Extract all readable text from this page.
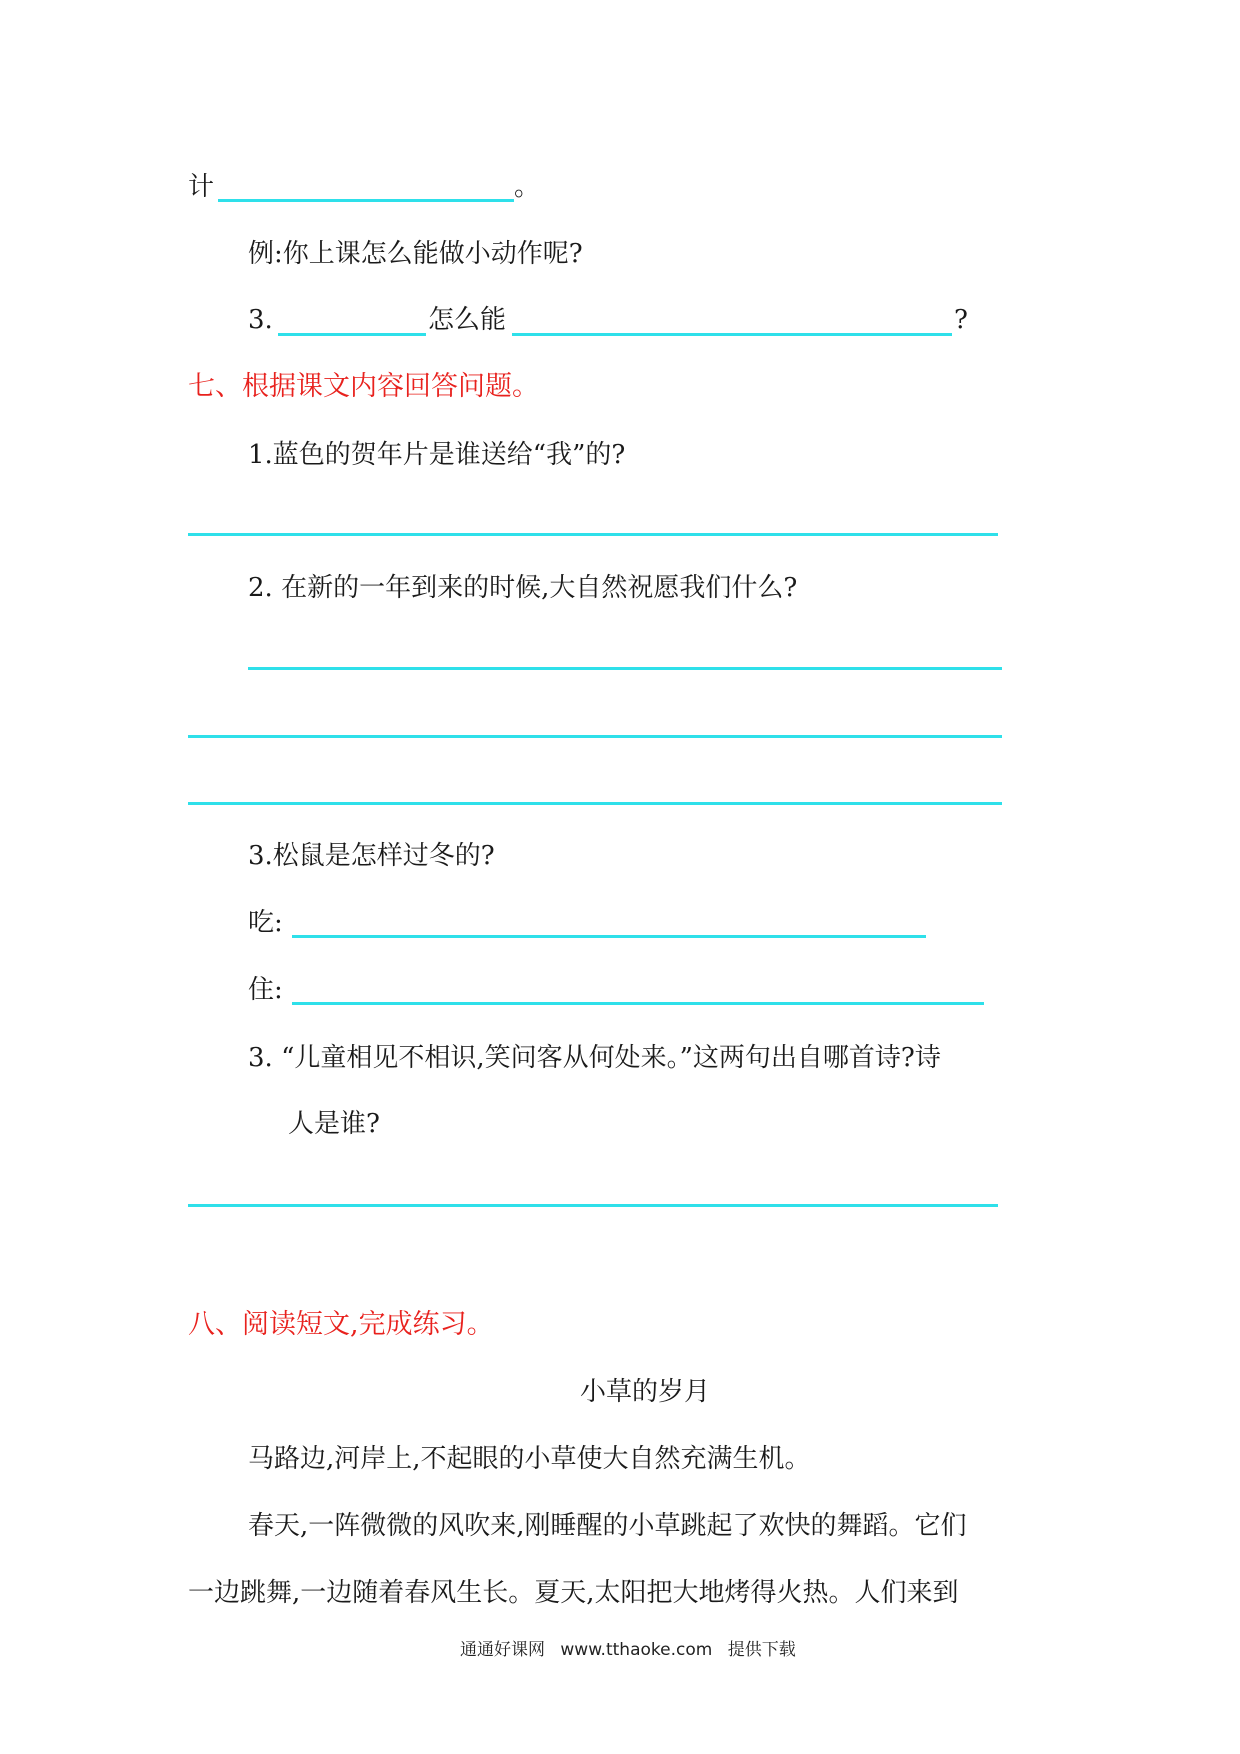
计	。
例:你上课怎么能做小动作呢?
3.	怎么能	?
七、根据课文内容回答问题。
1.蓝色的贺年片是谁送给“我”的?
2. 在新的一年到来的时候,大自然祝愿我们什么?
3.松鼠是怎样过冬的?
吃:
住:
3. “儿童相见不相识,笑问客从何处来。”这两句出自哪首诗?诗
人是谁?
八、阅读短文,完成练习。
小草的岁月
马路边,河岸上,不起眼的小草使大自然充满生机。
春天,一阵微微的风吹来,刚睡醒的小草跳起了欢快的舞蹈。它们
一边跳舞,一边随着春风生长。夏天,太阳把大地烤得火热。人们来到
通通好课网 www.tthaoke.com 提供下载
